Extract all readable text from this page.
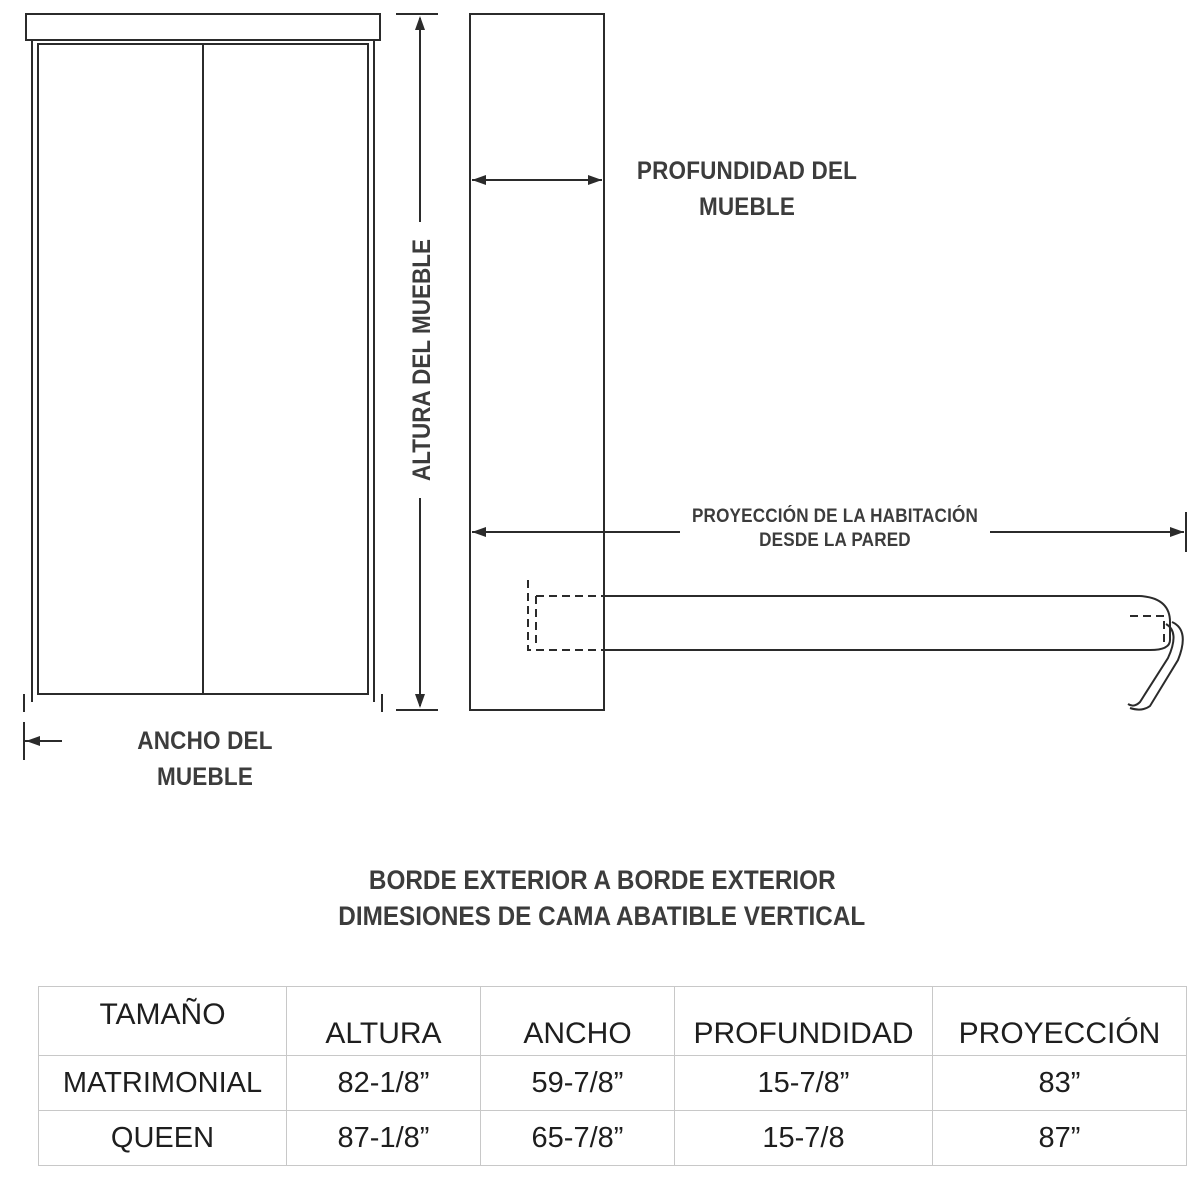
ANCHO DEL
MUEBLE
ALTURA DEL MUEBLE
PROFUNDIDAD DEL
MUEBLE
PROYECCIÓN DE LA HABITACIÓN
DESDE LA PARED
BORDE EXTERIOR A BORDE EXTERIOR
DIMESIONES DE CAMA ABATIBLE VERTICAL
TAMAÑO	ALTURA	ANCHO	PROFUNDIDAD	PROYECCIÓN
MATRIMONIAL	82-1/8”	59-7/8”	15-7/8”	83”
QUEEN	87-1/8”	65-7/8”	15-7/8	87”
